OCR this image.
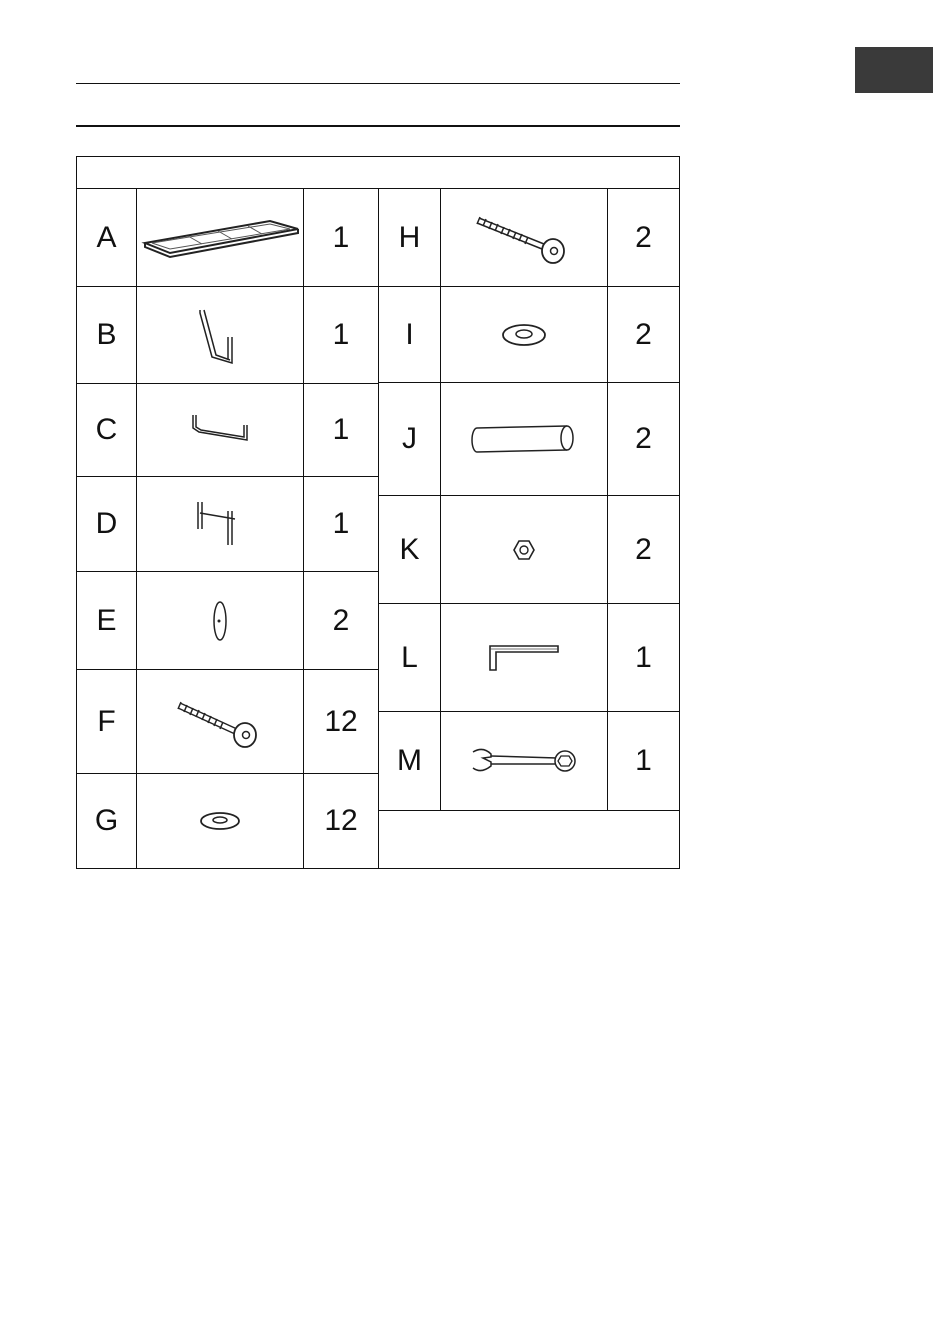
A	1
B	1
C	1
D	1
E	2
F	12
G	12
H	2
I	2
J	2
K	2
L	1
M	1
